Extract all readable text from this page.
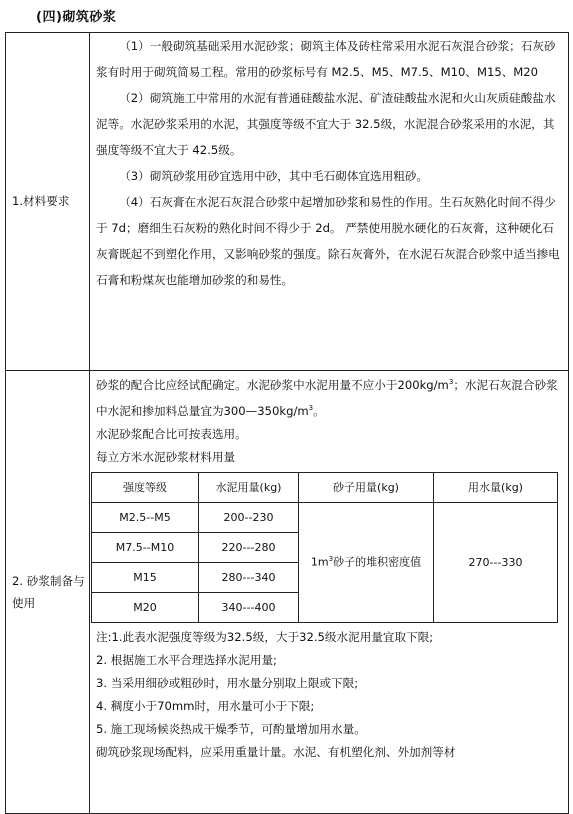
(四)砌筑砂浆
1.材料要求	

（1）一般砌筑基础采用水泥砂浆；砌筑主体及砖柱常采用水泥石灰混合砂浆；石灰砂浆有时用于砌筑简易工程。常用的砂浆标号有 M2.5、M5、M7.5、M10、M15、M20

（2）砌筑施工中常用的水泥有普通硅酸盐水泥、矿渣硅酸盐水泥和火山灰质硅酸盐水泥等。水泥砂浆采用的水泥，其强度等级不宜大于 32.5级，水泥混合砂浆采用的水泥，其强度等级不宜大于 42.5级。

（3）砌筑砂浆用砂宜选用中砂，其中毛石砌体宜选用粗砂。

（4）石灰膏在水泥石灰混合砂浆中起增加砂浆和易性的作用。生石灰熟化时间不得少于 7d；磨细生石灰粉的熟化时间不得少于 2d。 严禁使用脱水硬化的石灰膏，这种硬化石灰膏既起不到塑化作用，又影响砂浆的强度。除石灰膏外，在水泥石灰混合砂浆中适当掺电石膏和粉煤灰也能增加砂浆的和易性。

2. 砂浆制备与使用	

砂浆的配合比应经试配确定。水泥砂浆中水泥用量不应小于$200kg/m^3$；水泥石灰混合砂浆中水泥和掺加料总量宜为$300—350kg/m^3$。

水泥砂浆配合比可按表选用。

每立方米水泥砂浆材料用量

强度等级	水泥用量(kg)	砂子用量(kg)	用水量(kg)
M2.5--M5	200--230	$1m^3$砂子的堆积密度值	270---330
M7.5--M10	220---280
M15	280---340
M20	340---400

注:1.此表水泥强度等级为32.5级，大于32.5级水泥用量宜取下限;

2. 根据施工水平合理选择水泥用量;

3. 当采用细砂或粗砂时，用水量分别取上限或下限;

4. 稠度小于70mm时，用水量可小于下限;

5. 施工现场候炎热成干燥季节，可酌量增加用水量。

砌筑砂浆现场配料，应采用重量计量。水泥、有机塑化剂、外加剂等材
